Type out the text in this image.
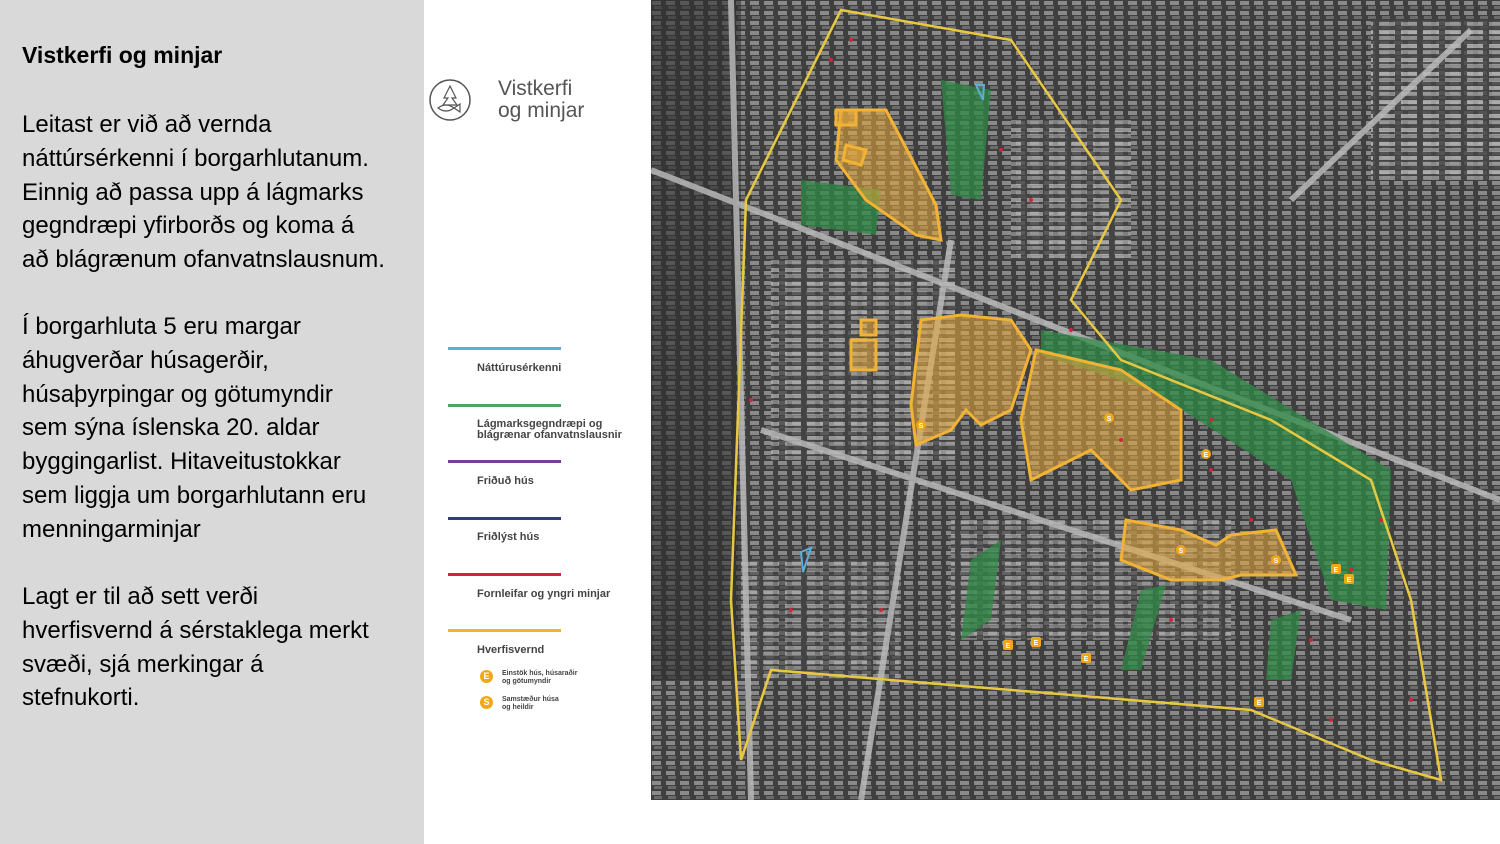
Vistkerfi og minjar
Leitast er við að vernda
náttúrsérkenni í borgarhlutanum.
Einnig að passa upp á lágmarks
gegndræpi yfirborðs og koma á
að blágrænum ofanvatnslausnum.
Í borgarhluta 5 eru margar
áhugverðar húsagerðir,
húsaþyrpingar og götumyndir
sem sýna íslenska 20. aldar
byggingarlist. Hitaveitustokkar
sem liggja um borgarhlutann eru
menningarminjar
Lagt er til að sett verði
hverfisvernd á sérstaklega merkt
svæði, sjá merkingar á
stefnukorti.
Vistkerfi
og minjar
Náttúrusérkenni
Lágmarksgegndræpi og
blágrænar ofanvatnslausnir
Friðuð hús
Friðlýst hús
Fornleifar og yngri minjar
Hverfisvernd
E	Einstök hús, húsaraðir
og götumyndir
S	Samstæður húsa
og heildir
E	E
E
E
E
E
E
S
S
S
S
